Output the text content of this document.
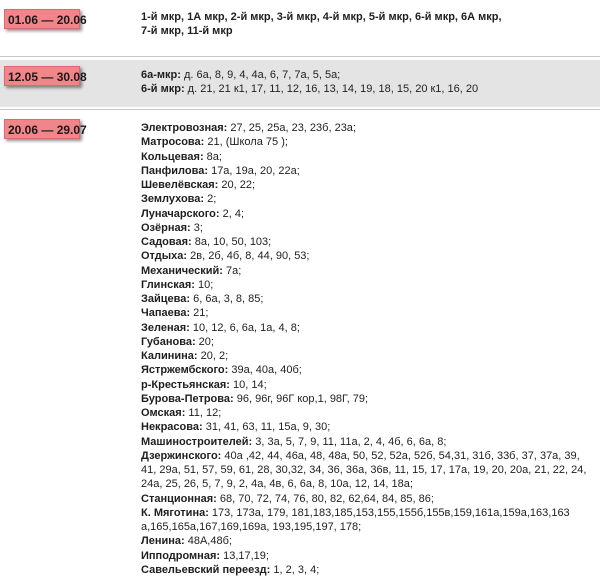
01.06 — 20.06	1-й мкр, 1А мкр, 2-й мкр, 3-й мкр, 4-й мкр, 5-й мкр, 6-й мкр, 6А мкр,
7-й мкр, 11-й мкр
12.05 — 30.08	6а-мкр: д. 6а, 8, 9, 4, 4а, 6, 7, 7а, 5, 5а;
6-й мкр: д. 21, 21 к1, 17, 11, 12, 16, 13, 14, 19, 18, 15, 20 к1, 16, 20
20.06 — 29.07	Электровозная: 27, 25, 25а, 23, 23б, 23а;
Матросова: 21, (Школа 75 );
Кольцевая: 8а;
Панфилова: 17а, 19а, 20, 22а;
Шевелёвская: 20, 22;
Землухова: 2;
Луначарского: 2, 4;
Озёрная: 3;
Садовая: 8а, 10, 50, 103;
Отдыха: 2в, 2б, 4б, 8, 44, 90, 53;
Механический: 7а;
Глинская: 10;
Зайцева: 6, 6а, 3, 8, 85;
Чапаева: 21;
Зеленая: 10, 12, 6, 6а, 1а, 4, 8;
Губанова: 20;
Калинина: 20, 2;
Ястржембского: 39а, 40а, 40б;
р-Крестьянская: 10, 14;
Бурова-Петрова: 96, 96г, 96Г кор,1, 98Г, 79;
Омская: 11, 12;
Некрасова: 31, 41, 63, 11, 15а, 9, 30;
Машиностроителей: 3, 3а, 5, 7, 9, 11, 11а, 2, 4, 4б, 6, 6а, 8;
Дзержинского: 40а ,42, 44, 46а, 48, 48а, 50, 52, 52а, 52б, 54,31, 31б, 33б, 37, 37а, 39, 41, 29а, 51, 57, 59, 61, 28, 30,32, 34, 36, 36а, 36в, 11, 15, 17, 17а, 19, 20, 20а, 21, 22, 24, 24а, 25, 26, 5, 7, 9, 2, 4а, 4в, 6, 6а, 8, 10а, 12, 14, 18а;
Станционная: 68, 70, 72, 74, 76, 80, 82, 62,64, 84, 85, 86;
К. Мяготина: 173, 173а, 179, 181,183,185,153,155,155б,155в,159,161а,159а,163,163 а,165,165а,167,169,169а, 193,195,197, 178;
Ленина: 48А,48б;
Ипподромная: 13,17,19;
Савельевский переезд: 1, 2, 3, 4;
